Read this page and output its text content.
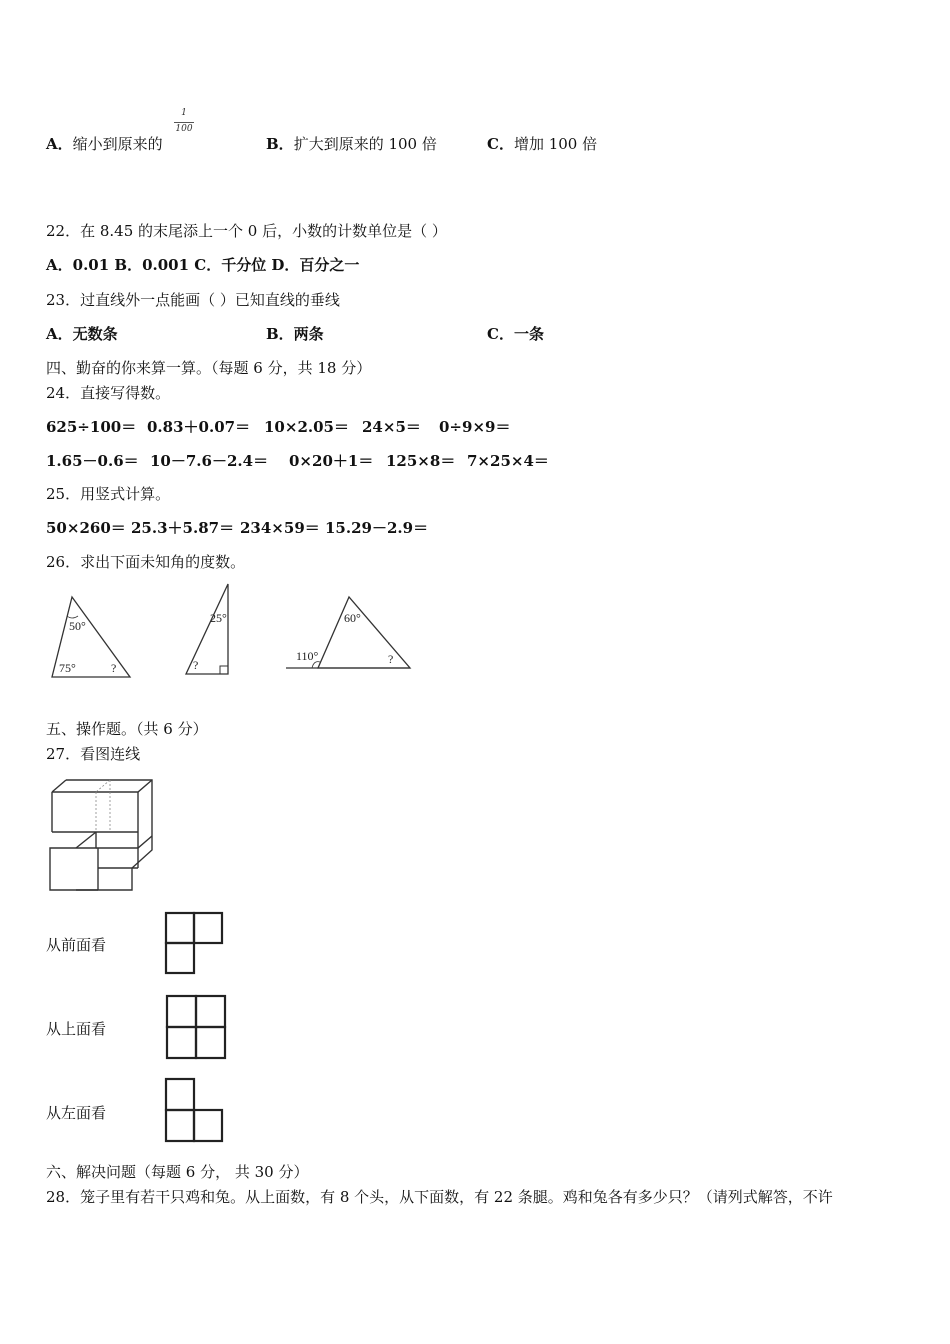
A．缩小到原来的
1
100
B．扩大到原来的 100 倍	C．增加 100 倍
22．在 8.45 的末尾添上一个 0 后，小数的计数单位是（ ）
A．0.01 B．0.001 C．千分位 D．百分之一
23．过直线外一点能画（ ）已知直线的垂线
A．无数条	B．两条	C．一条
四、勤奋的你来算一算。（每题 6 分，共 18 分）
24．直接写得数。
625÷100＝ 0.83＋0.07＝ 10×2.05＝ 24×5＝ 0÷9×9＝
1.65－0.6＝ 10－7.6－2.4＝ 0×20＋1＝ 125×8＝ 7×25×4＝
25．用竖式计算。
50×260＝ 25.3＋5.87＝ 234×59＝ 15.29－2.9＝
26．求出下面未知角的度数。
50°
75°	?
25°
?
60°
110°	?
五、操作题。（共 6 分）
27．看图连线
从前面看
从上面看
从左面看
六、解决问题（每题 6 分， 共 30 分）
28．笼子里有若干只鸡和兔。从上面数，有 8 个头，从下面数，有 22 条腿。鸡和兔各有多少只？（请列式解答，不许
